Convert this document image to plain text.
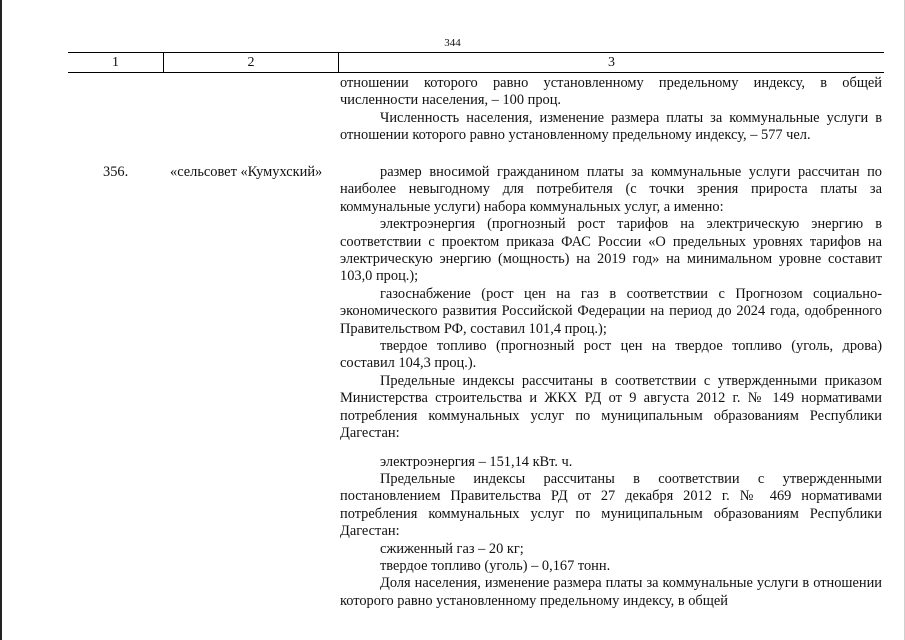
344
1	2	3

отношении которого равно установленному предельному индексу, в общей численности населения, – 100 проц.

Численность населения, изменение размера платы за коммунальные услуги в отношении которого равно установленному предельному индексу, – 577 чел.

356.	«сельсовет «Кумухский»	размер вносимой гражданином платы за коммунальные услуги рассчитан по наиболее невыгодному для потребителя (с точки зрения прироста платы за коммунальные услуги) набора коммунальных услуг, а именно:

электроэнергия (прогнозный рост тарифов на электрическую энергию в соответствии с проектом приказа ФАС России «О предельных уровнях тарифов на электрическую энергию (мощность) на 2019 год» на минимальном уровне составит 103,0 проц.);

газоснабжение (рост цен на газ в соответствии с Прогнозом социально-экономического развития Российской Федерации на период до 2024 года, одобренного Правительством РФ, составил 101,4 проц.);

твердое топливо (прогнозный рост цен на твердое топливо (уголь, дрова) составил 104,3 проц.).

Предельные индексы рассчитаны в соответствии с утвержденными приказом Министерства строительства и ЖКХ РД от 9 августа 2012 г. № 149 нормативами потребления коммунальных услуг по муниципальным образованиям Республики Дагестан:

электроэнергия – 151,14 кВт. ч.

Предельные индексы рассчитаны в соответствии с утвержденными постановлением Правительства РД от 27 декабря 2012 г. № 469 нормативами потребления коммунальных услуг по муниципальным образованиям Республики Дагестан:

сжиженный газ – 20 кг;

твердое топливо (уголь) – 0,167 тонн.

Доля населения, изменение размера платы за коммунальные услуги в отношении которого равно установленному предельному индексу, в общей
